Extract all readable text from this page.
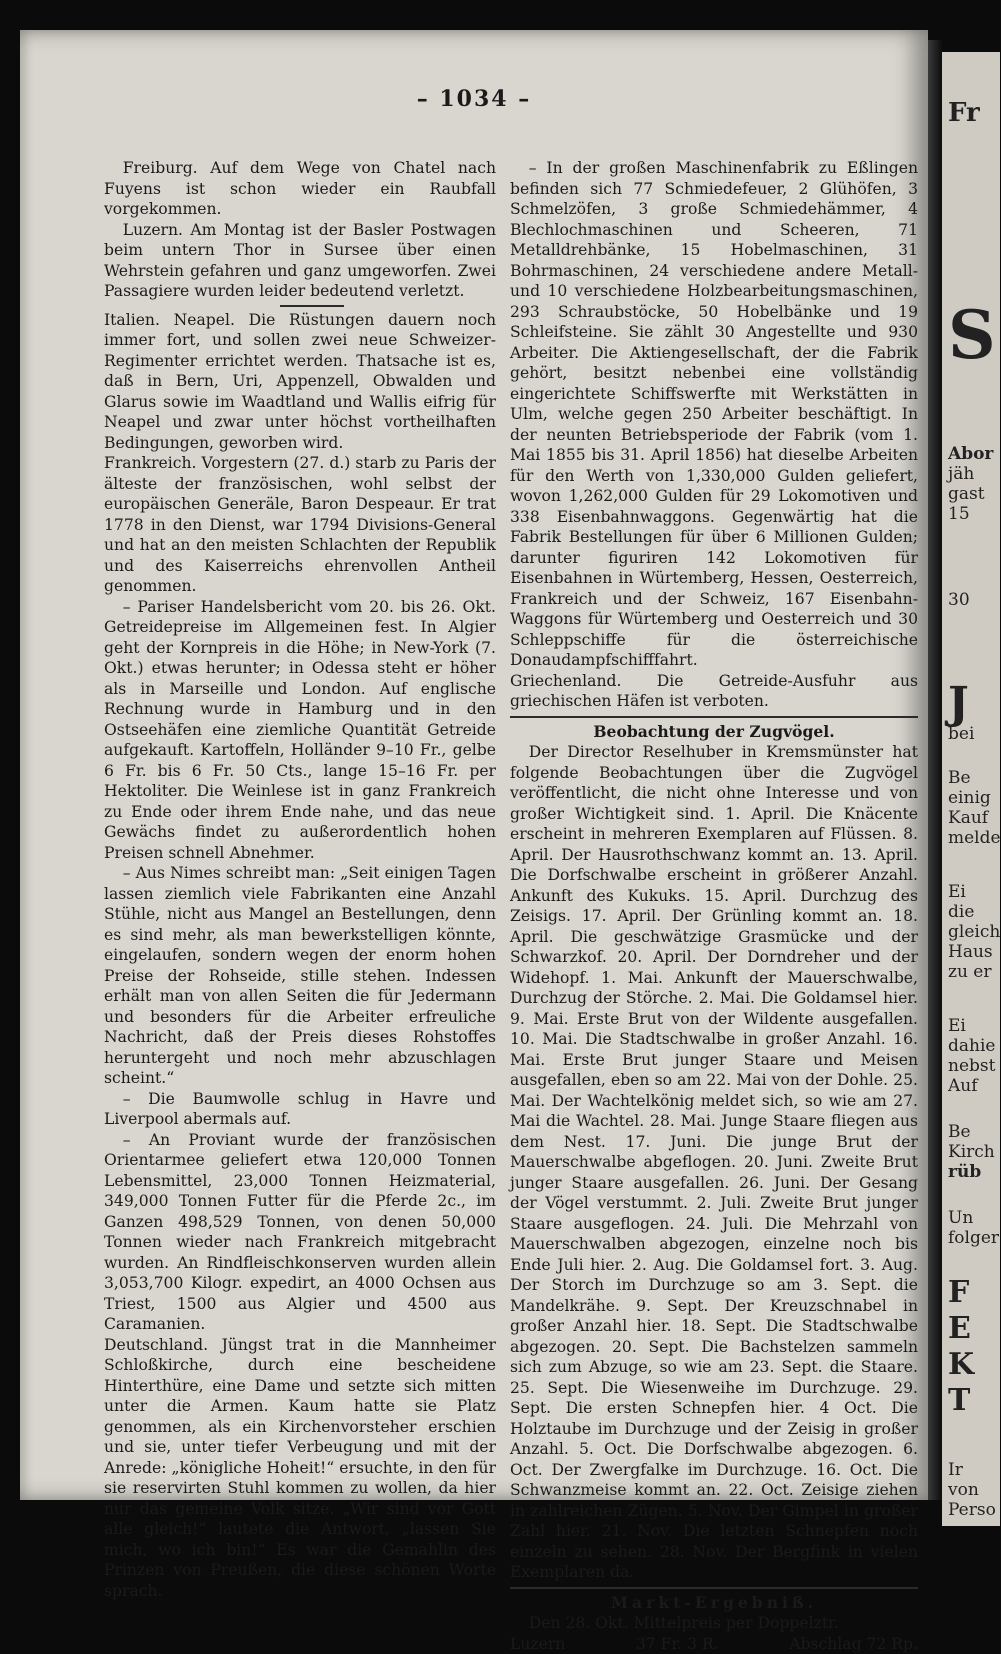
– 1034 –

Freiburg. Auf dem Wege von Chatel nach Fuyens ist schon wieder ein Raubfall vorgekommen.

Luzern. Am Montag ist der Basler Postwagen beim untern Thor in Sursee über einen Wehrstein gefahren und ganz umgeworfen. Zwei Passagiere wurden leider bedeutend verletzt.

Italien. Neapel. Die Rüstungen dauern noch immer fort, und sollen zwei neue Schweizer-Regimenter errichtet werden. Thatsache ist es, daß in Bern, Uri, Appenzell, Obwalden und Glarus sowie im Waadtland und Wallis eifrig für Neapel und zwar unter höchst vortheilhaften Bedingungen, geworben wird.

Frankreich. Vorgestern (27. d.) starb zu Paris der älteste der französischen, wohl selbst der europäischen Generäle, Baron Despeaur. Er trat 1778 in den Dienst, war 1794 Divisions-General und hat an den meisten Schlachten der Republik und des Kaiserreichs ehrenvollen Antheil genommen.

– Pariser Handelsbericht vom 20. bis 26. Okt. Getreidepreise im Allgemeinen fest. In Algier geht der Kornpreis in die Höhe; in New-York (7. Okt.) etwas herunter; in Odessa steht er höher als in Marseille und London. Auf englische Rechnung wurde in Hamburg und in den Ostseehäfen eine ziemliche Quantität Getreide aufgekauft. Kartoffeln, Holländer 9–10 Fr., gelbe 6 Fr. bis 6 Fr. 50 Cts., lange 15–16 Fr. per Hektoliter. Die Weinlese ist in ganz Frankreich zu Ende oder ihrem Ende nahe, und das neue Gewächs findet zu außerordentlich hohen Preisen schnell Abnehmer.

– Aus Nimes schreibt man: „Seit einigen Tagen lassen ziemlich viele Fabrikanten eine Anzahl Stühle, nicht aus Mangel an Bestellungen, denn es sind mehr, als man bewerkstelligen könnte, eingelaufen, sondern wegen der enorm hohen Preise der Rohseide, stille stehen. Indessen erhält man von allen Seiten die für Jedermann und besonders für die Arbeiter erfreuliche Nachricht, daß der Preis dieses Rohstoffes heruntergeht und noch mehr abzuschlagen scheint.“

– Die Baumwolle schlug in Havre und Liverpool abermals auf.

– An Proviant wurde der französischen Orientarmee geliefert etwa 120,000 Tonnen Lebensmittel, 23,000 Tonnen Heizmaterial, 349,000 Tonnen Futter für die Pferde 2c., im Ganzen 498,529 Tonnen, von denen 50,000 Tonnen wieder nach Frankreich mitgebracht wurden. An Rindfleischkonserven wurden allein 3,053,700 Kilogr. expedirt, an 4000 Ochsen aus Triest, 1500 aus Algier und 4500 aus Caramanien.

Deutschland. Jüngst trat in die Mannheimer Schloßkirche, durch eine bescheidene Hinterthüre, eine Dame und setzte sich mitten unter die Armen. Kaum hatte sie Platz genommen, als ein Kirchenvorsteher erschien und sie, unter tiefer Verbeugung und mit der Anrede: „königliche Hoheit!“ ersuchte, in den für sie reservirten Stuhl kommen zu wollen, da hier nur das gemeine Volk sitze. „Wir sind vor Gott alle gleich!“ lautete die Antwort, „lassen Sie mich, wo ich bin!“ Es war die Gemahlin des Prinzen von Preußen, die diese schönen Worte sprach.

– In der großen Maschinenfabrik zu Eßlingen befinden sich 77 Schmiedefeuer, 2 Glühöfen, 3 Schmelzöfen, 3 große Schmiedehämmer, 4 Blechlochmaschinen und Scheeren, 71 Metalldrehbänke, 15 Hobelmaschinen, 31 Bohrmaschinen, 24 verschiedene andere Metall- und 10 verschiedene Holzbearbeitungsmaschinen, 293 Schraubstöcke, 50 Hobelbänke und 19 Schleifsteine. Sie zählt 30 Angestellte und 930 Arbeiter. Die Aktiengesellschaft, der die Fabrik gehört, besitzt nebenbei eine vollständig eingerichtete Schiffswerfte mit Werkstätten in Ulm, welche gegen 250 Arbeiter beschäftigt. In der neunten Betriebsperiode der Fabrik (vom 1. Mai 1855 bis 31. April 1856) hat dieselbe Arbeiten für den Werth von 1,330,000 Gulden geliefert, wovon 1,262,000 Gulden für 29 Lokomotiven und 338 Eisenbahnwaggons. Gegenwärtig hat die Fabrik Bestellungen für über 6 Millionen Gulden; darunter figuriren 142 Lokomotiven für Eisenbahnen in Würtemberg, Hessen, Oesterreich, Frankreich und der Schweiz, 167 Eisenbahn-Waggons für Würtemberg und Oesterreich und 30 Schleppschiffe für die österreichische Donaudampfschifffahrt.

Griechenland. Die Getreide-Ausfuhr aus griechischen Häfen ist verboten.

Beobachtung der Zugvögel.

Der Director Reselhuber in Kremsmünster hat folgende Beobachtungen über die Zugvögel veröffentlicht, die nicht ohne Interesse und von großer Wichtigkeit sind. 1. April. Die Knäcente erscheint in mehreren Exemplaren auf Flüssen. 8. April. Der Hausrothschwanz kommt an. 13. April. Die Dorfschwalbe erscheint in größerer Anzahl. Ankunft des Kukuks. 15. April. Durchzug des Zeisigs. 17. April. Der Grünling kommt an. 18. April. Die geschwätzige Grasmücke und der Schwarzkof. 20. April. Der Dorndreher und der Widehopf. 1. Mai. Ankunft der Mauerschwalbe, Durchzug der Störche. 2. Mai. Die Goldamsel hier. 9. Mai. Erste Brut von der Wildente ausgefallen. 10. Mai. Die Stadtschwalbe in großer Anzahl. 16. Mai. Erste Brut junger Staare und Meisen ausgefallen, eben so am 22. Mai von der Dohle. 25. Mai. Der Wachtelkönig meldet sich, so wie am 27. Mai die Wachtel. 28. Mai. Junge Staare fliegen aus dem Nest. 17. Juni. Die junge Brut der Mauerschwalbe abgeflogen. 20. Juni. Zweite Brut junger Staare ausgefallen. 26. Juni. Der Gesang der Vögel verstummt. 2. Juli. Zweite Brut junger Staare ausgeflogen. 24. Juli. Die Mehrzahl von Mauerschwalben abgezogen, einzelne noch bis Ende Juli hier. 2. Aug. Die Goldamsel fort. 3. Aug. Der Storch im Durchzuge so am 3. Sept. die Mandelkrähe. 9. Sept. Der Kreuzschnabel in großer Anzahl hier. 18. Sept. Die Stadtschwalbe abgezogen. 20. Sept. Die Bachstelzen sammeln sich zum Abzuge, so wie am 23. Sept. die Staare. 25. Sept. Die Wiesenweihe im Durchzuge. 29. Sept. Die ersten Schnepfen hier. 4 Oct. Die Holztaube im Durchzuge und der Zeisig in großer Anzahl. 5. Oct. Die Dorfschwalbe abgezogen. 6. Oct. Der Zwergfalke im Durchzuge. 16. Oct. Die Schwanzmeise kommt an. 22. Oct. Zeisige ziehen in zahlreichen Zügen. 5. Nov. Der Gimpel in großer Zahl hier. 21. Nov. Die letzten Schnepfen noch einzeln zu sehen. 28. Nov. Der Bergfink in vielen Exemplaren da.

Markt-Ergebniß.

Den 28. Okt. Mittelpreis per Doppelztr.

Luzern	37 Fr. 3 R.	Abschlag 72 Rp.
Fr
S
Abor
jäh
gast
15
30
J
bei
Be
einig
Kauf
melde
Ei
die
gleich
Haus
zu er
Ei
dahie
nebst
Auf
Be
Kirch
rüb
Un
folger
F
E
K
T
Ir
von
Perso
